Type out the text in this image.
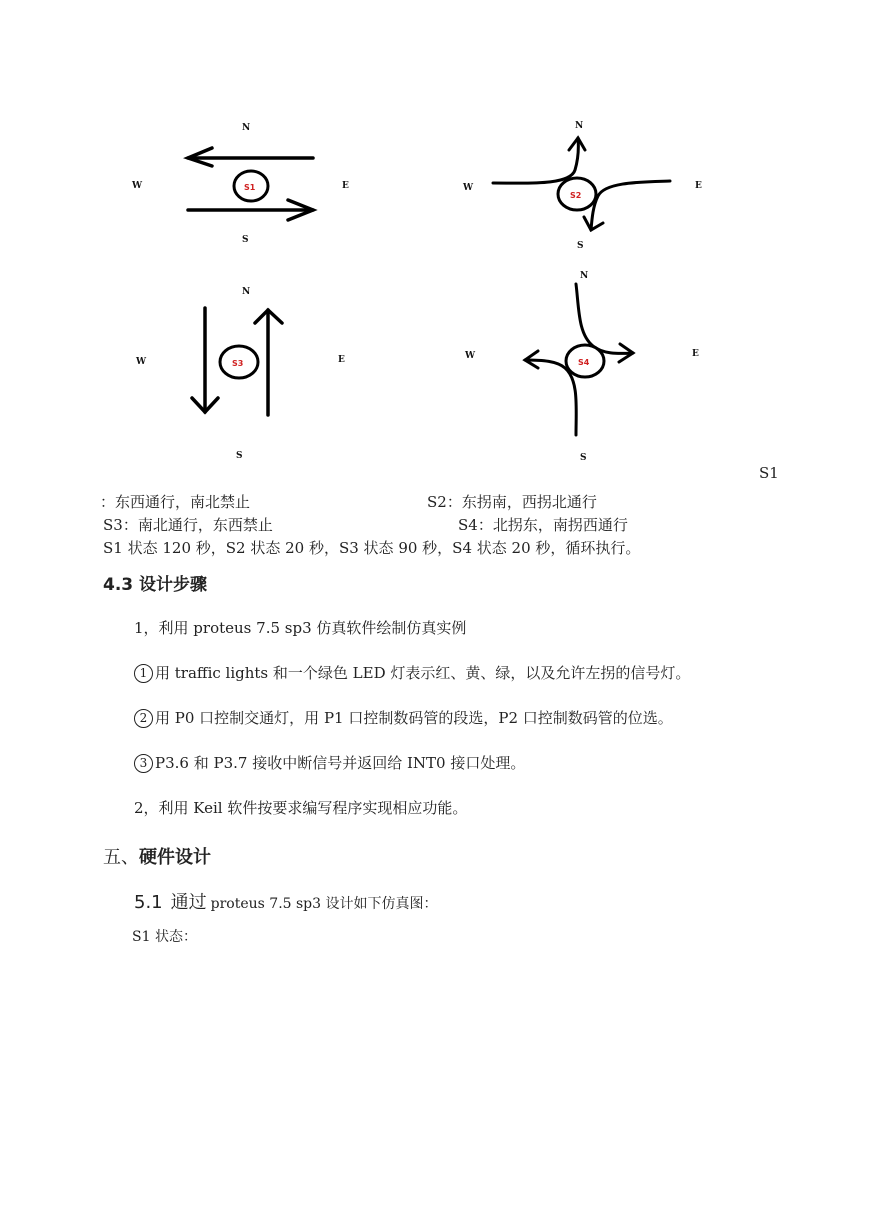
N
W	E
S
S1
N
W	E
S
S2
N
W	E
S
S3
N
W	E
S
S4
S1
：东西通行，南北禁止	S2：东拐南，西拐北通行
S3：南北通行，东西禁止	S4：北拐东，南拐西通行
S1 状态 120 秒，S2 状态 20 秒，S3 状态 90 秒，S4 状态 20 秒，循环执行。
4.3 设计步骤
1，利用 proteus 7.5 sp3 仿真软件绘制仿真实例
1 用 traffic lights 和一个绿色 LED 灯表示红、黄、绿，以及允许左拐的信号灯。
2 用 P0 口控制交通灯，用 P1 口控制数码管的段选，P2 口控制数码管的位选。
3 P3.6 和 P3.7 接收中断信号并返回给 INT0 接口处理。
2，利用 Keil 软件按要求编写程序实现相应功能。
五、硬件设计
5.1 通过 proteus 7.5 sp3 设计如下仿真图：
S1 状态：
